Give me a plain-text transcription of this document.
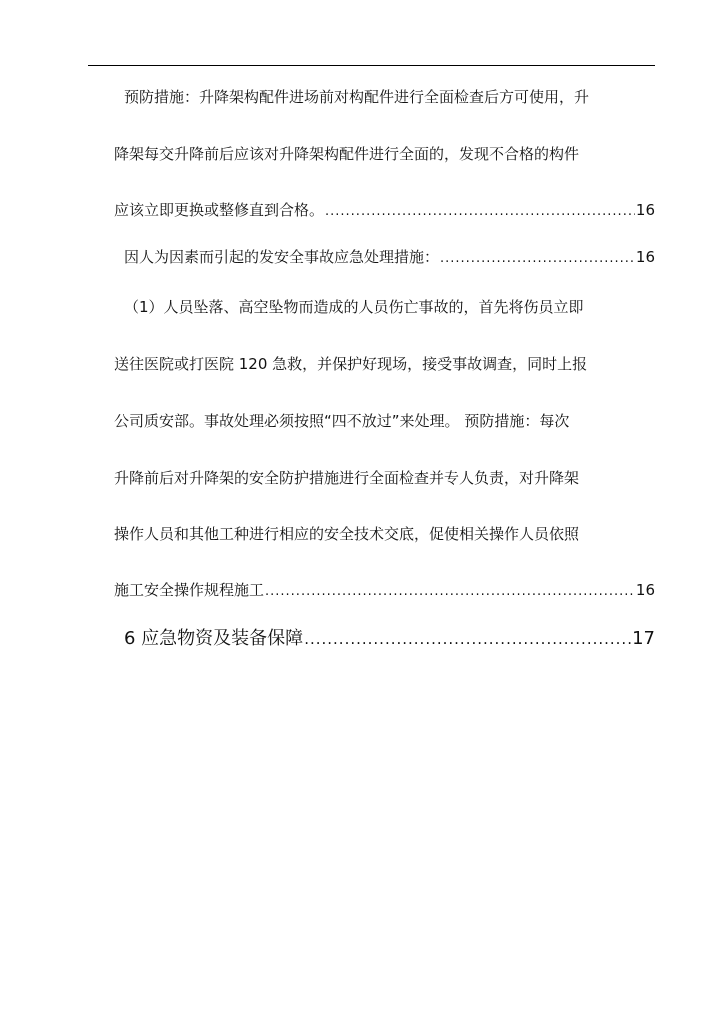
预防措施：升降架构配件进场前对构配件进行全面检查后方可使用，升
降架每交升降前后应该对升降架构配件进行全面的，发现不合格的构件
应该立即更换或整修直到合格。 .....	16
因人为因素而引起的发安全事故应急处理措施： .....	16
（1）人员坠落、高空坠物而造成的人员伤亡事故的，首先将伤员立即
送往医院或打医院 120 急救，并保护好现场，接受事故调查，同时上报
公司质安部。事故处理必须按照“四不放过”来处理。 预防措施：每次
升降前后对升降架的安全防护措施进行全面检查并专人负责，对升降架
操作人员和其他工种进行相应的安全技术交底，促使相关操作人员依照
施工安全操作规程施工 .....	16
6 应急物资及装备保障 .....	17
